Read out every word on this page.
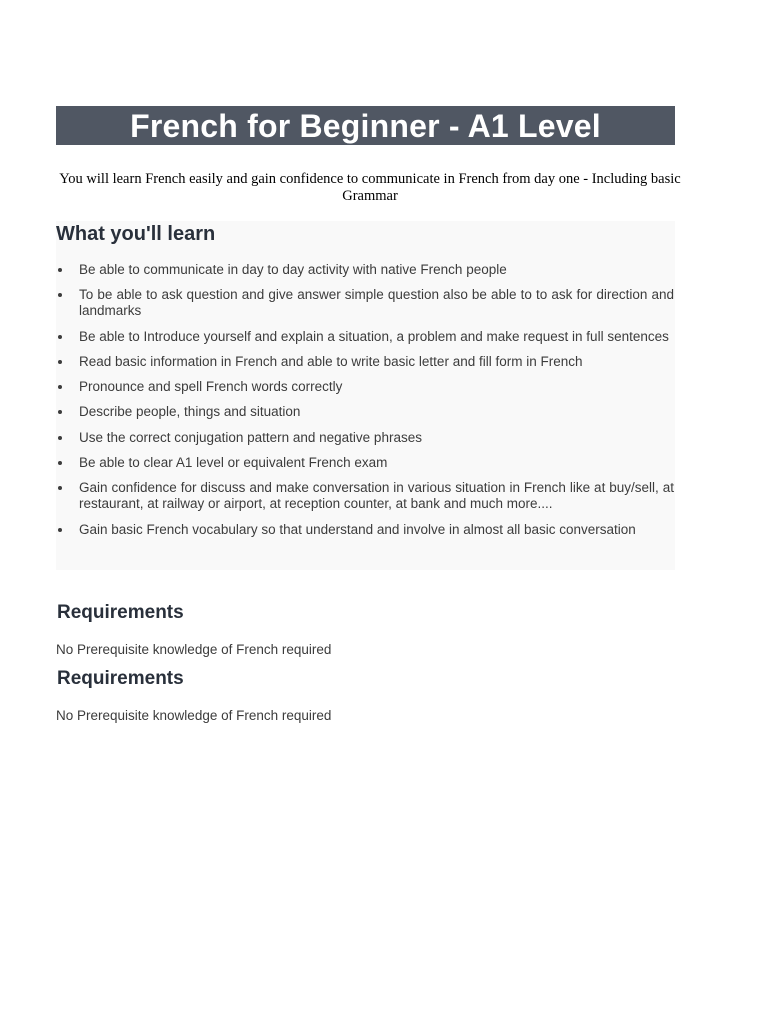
French for Beginner - A1 Level
You will learn French easily and gain confidence to communicate in French from day one - Including basic Grammar
What you'll learn
Be able to communicate in day to day activity with native French people
To be able to ask question and give answer simple question also be able to to ask for direction and landmarks
Be able to Introduce yourself and explain a situation, a problem and make request in full sentences
Read basic information in French and able to write basic letter and fill form in French
Pronounce and spell French words correctly
Describe people, things and situation
Use the correct conjugation pattern and negative phrases
Be able to clear A1 level or equivalent French exam
Gain confidence for discuss and make conversation in various situation in French like at buy/sell, at restaurant, at railway or airport, at reception counter, at bank and much more....
Gain basic French vocabulary so that understand and involve in almost all basic conversation
Requirements

No Prerequisite knowledge of French required

Requirements

No Prerequisite knowledge of French required
